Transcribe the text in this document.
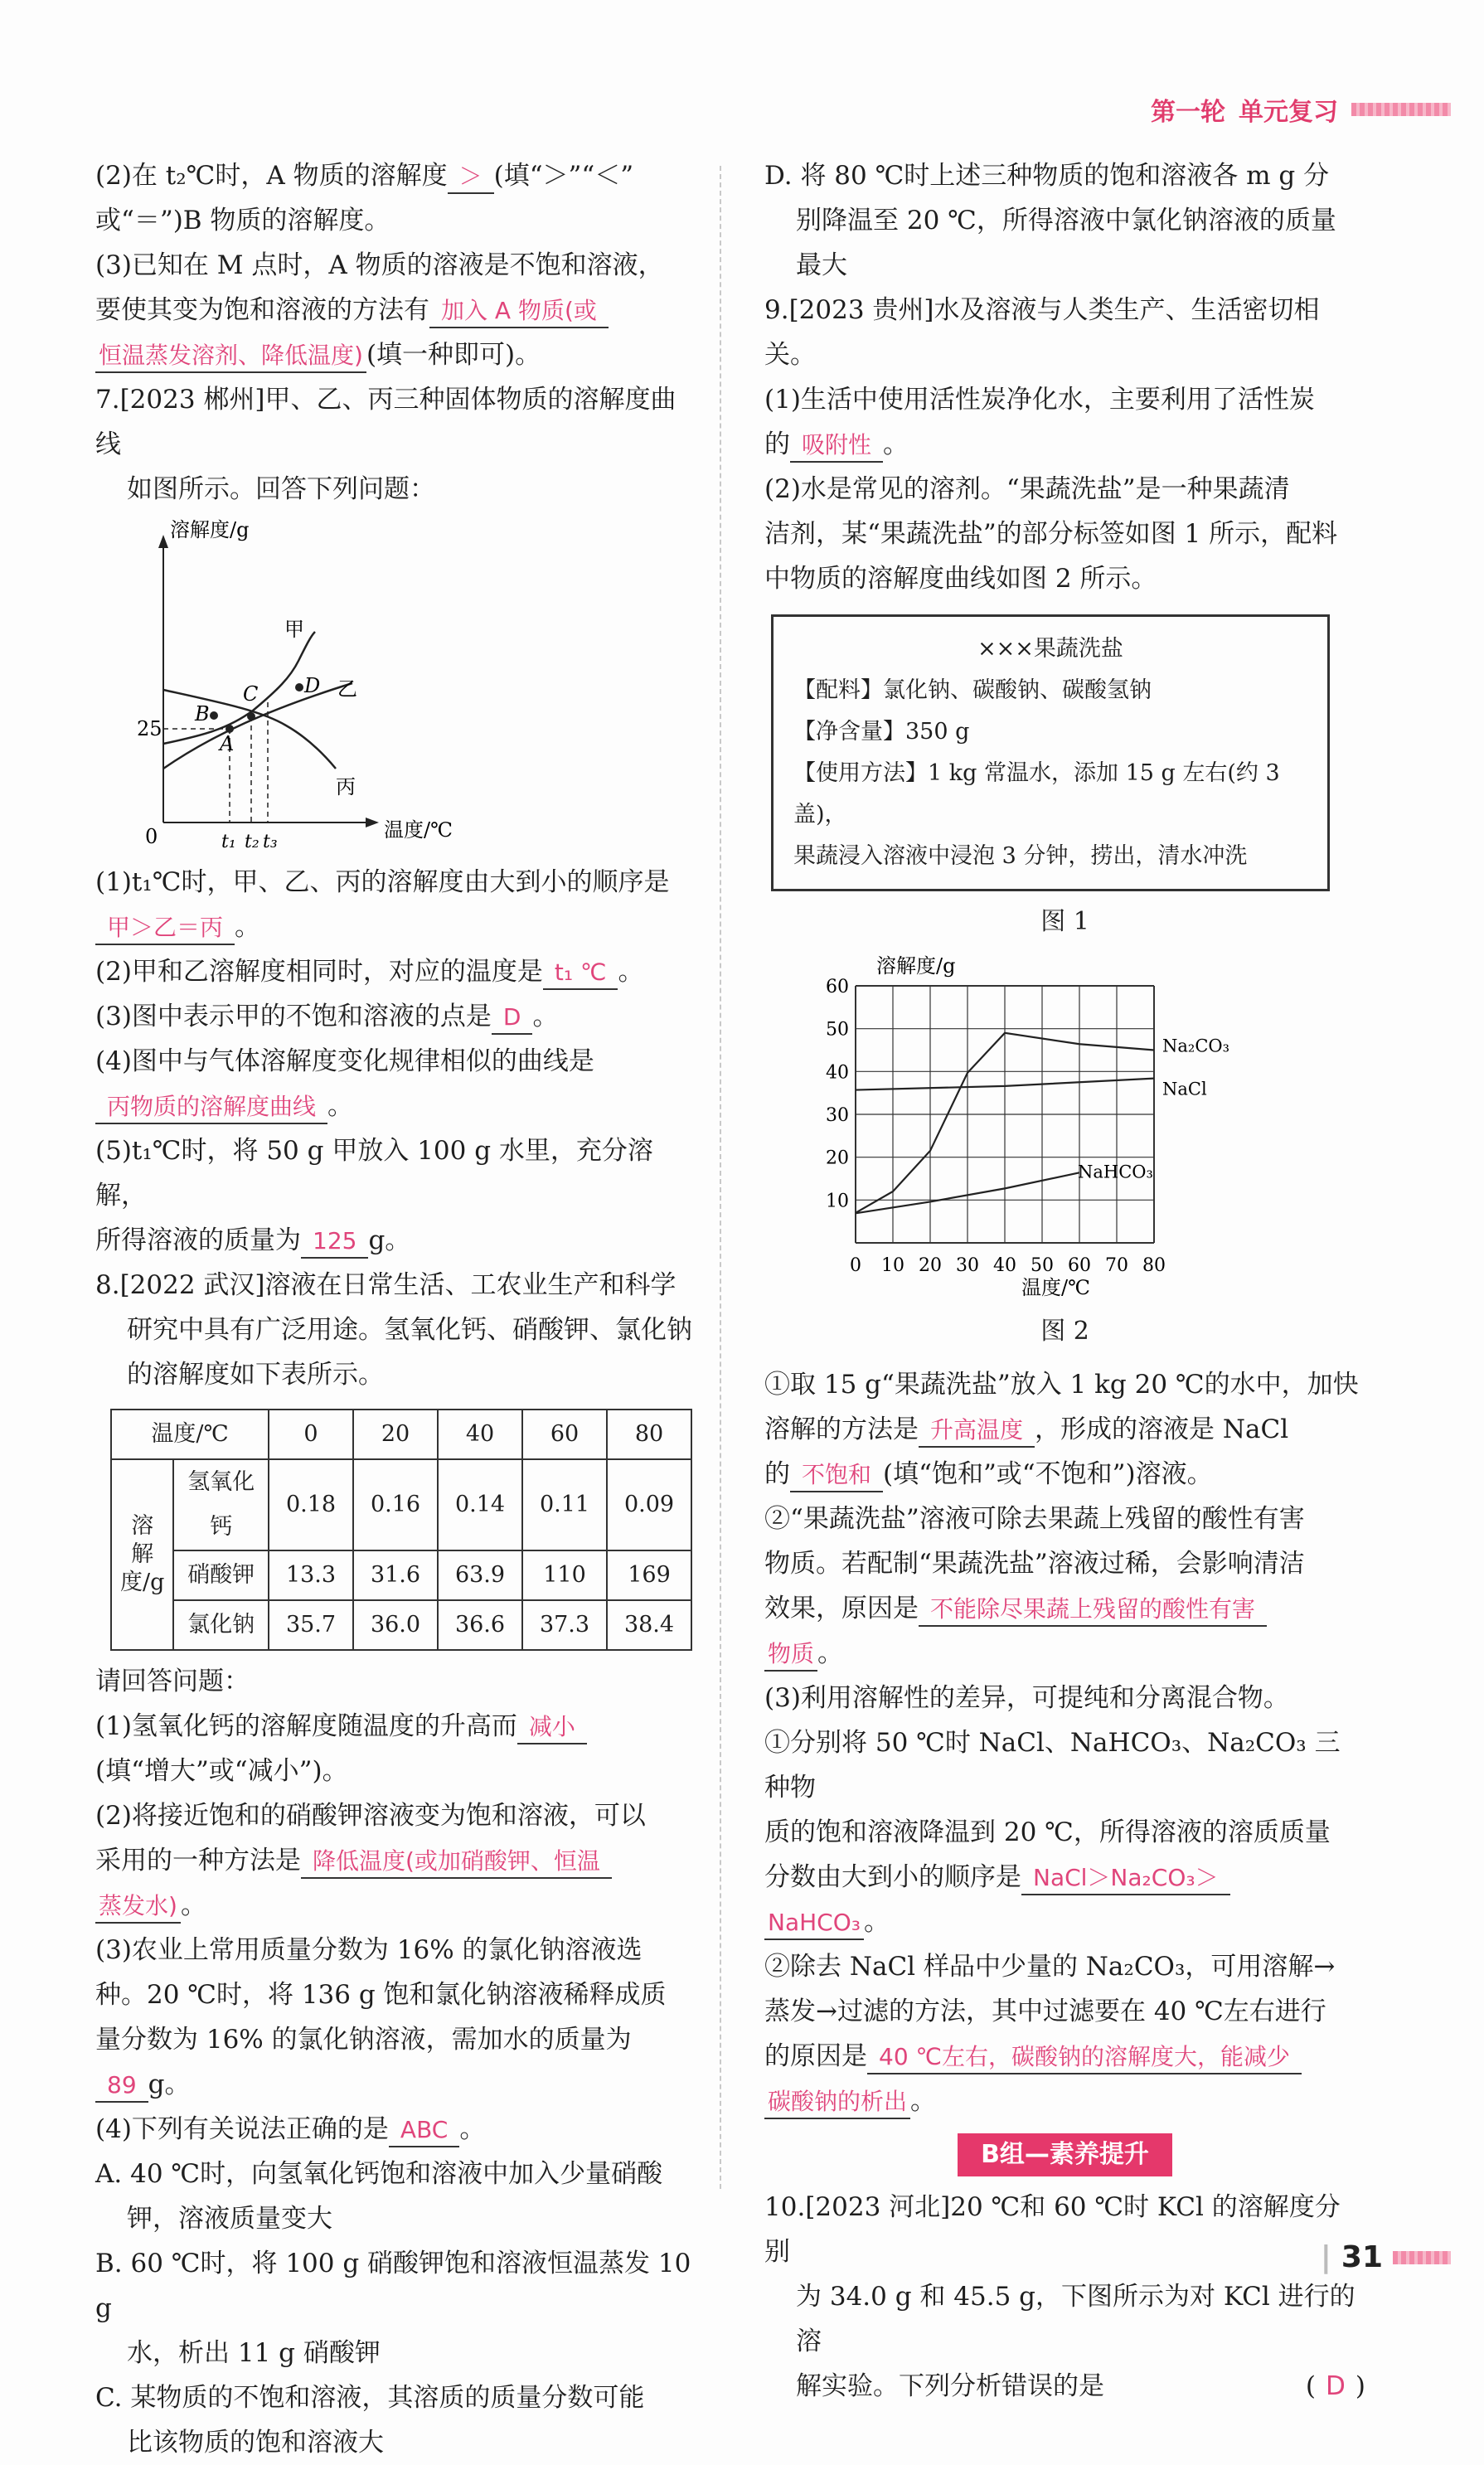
第一轮 单元复习

(2)在 t₂℃时，A 物质的溶解度 ＞ (填“＞”“＜”

或“＝”)B 物质的溶解度。

(3)已知在 M 点时，A 物质的溶液是不饱和溶液，

要使其变为饱和溶液的方法有 加入 A 物质(或

恒温蒸发溶剂、降低温度) (填一种即可)。

7.[2023 郴州]甲、乙、丙三种固体物质的溶解度曲线

如图所示。回答下列问题：

溶解度/g
温度/℃
25
0
A
B
C D
甲
乙
丙
t₁ t₂ t₃

(1)t₁℃时，甲、乙、丙的溶解度由大到小的顺序是

甲＞乙＝丙 。

(2)甲和乙溶解度相同时，对应的温度是 t₁ ℃ 。

(3)图中表示甲的不饱和溶液的点是 D 。

(4)图中与气体溶解度变化规律相似的曲线是

丙物质的溶解度曲线 。

(5)t₁℃时，将 50 g 甲放入 100 g 水里，充分溶解，

所得溶液的质量为 125 g。

8.[2022 武汉]溶液在日常生活、工农业生产和科学

研究中具有广泛用途。氢氧化钙、硝酸钾、氯化钠

的溶解度如下表所示。

温度/℃		0	20	40	60	80
溶解度/g	氢氧化钙	0.18	0.16	0.14	0.11	0.09
	硝酸钾	13.3	31.6	63.9	110	169
	氯化钠	35.7	36.0	36.6	37.3	38.4

请回答问题：

(1)氢氧化钙的溶解度随温度的升高而 减小

(填“增大”或“减小”)。

(2)将接近饱和的硝酸钾溶液变为饱和溶液，可以

采用的一种方法是 降低温度(或加硝酸钾、恒温

蒸发水) 。

(3)农业上常用质量分数为 16% 的氯化钠溶液选

种。20 ℃时，将 136 g 饱和氯化钠溶液稀释成质

量分数为 16% 的氯化钠溶液，需加水的质量为

89 g。

(4)下列有关说法正确的是 ABC 。

A. 40 ℃时，向氢氧化钙饱和溶液中加入少量硝酸

钾，溶液质量变大

B. 60 ℃时，将 100 g 硝酸钾饱和溶液恒温蒸发 10 g

水，析出 11 g 硝酸钾

C. 某物质的不饱和溶液，其溶质的质量分数可能

比该物质的饱和溶液大

D. 将 80 ℃时上述三种物质的饱和溶液各 m g 分

别降温至 20 ℃，所得溶液中氯化钠溶液的质量

最大

9.[2023 贵州]水及溶液与人类生产、生活密切相关。

(1)生活中使用活性炭净化水，主要利用了活性炭

的 吸附性 。

(2)水是常见的溶剂。“果蔬洗盐”是一种果蔬清

洁剂，某“果蔬洗盐”的部分标签如图 1 所示，配料

中物质的溶解度曲线如图 2 所示。

×××果蔬洗盐
【配料】氯化钠、碳酸钠、碳酸氢钠
【净含量】350 g
【使用方法】1 kg 常温水，添加 15 g 左右(约 3 盖)，
果蔬浸入溶液中浸泡 3 分钟，捞出，清水冲洗
图 1
溶解度/g
温度/℃
0 10 20 30 40 50 60 70 80
10
20
30
40
50
60
Na₂CO₃
NaCl
NaHCO₃
图 2

①取 15 g“果蔬洗盐”放入 1 kg 20 ℃的水中，加快

溶解的方法是 升高温度 ，形成的溶液是 NaCl

的 不饱和 (填“饱和”或“不饱和”)溶液。

②“果蔬洗盐”溶液可除去果蔬上残留的酸性有害

物质。若配制“果蔬洗盐”溶液过稀，会影响清洁

效果，原因是 不能除尽果蔬上残留的酸性有害

物质 。

(3)利用溶解性的差异，可提纯和分离混合物。

①分别将 50 ℃时 NaCl、NaHCO₃、Na₂CO₃ 三种物

质的饱和溶液降温到 20 ℃，所得溶液的溶质质量

分数由大到小的顺序是 NaCl＞Na₂CO₃＞

NaHCO₃ 。

②除去 NaCl 样品中少量的 Na₂CO₃，可用溶解→

蒸发→过滤的方法，其中过滤要在 40 ℃左右进行

的原因是 40 ℃左右，碳酸钠的溶解度大，能减少

碳酸钠的析出 。

B组—素养提升

10.[2023 河北]20 ℃和 60 ℃时 KCl 的溶解度分别

为 34.0 g 和 45.5 g，下图所示为对 KCl 进行的溶

解实验。下列分析错误的是	( D )

| 31
